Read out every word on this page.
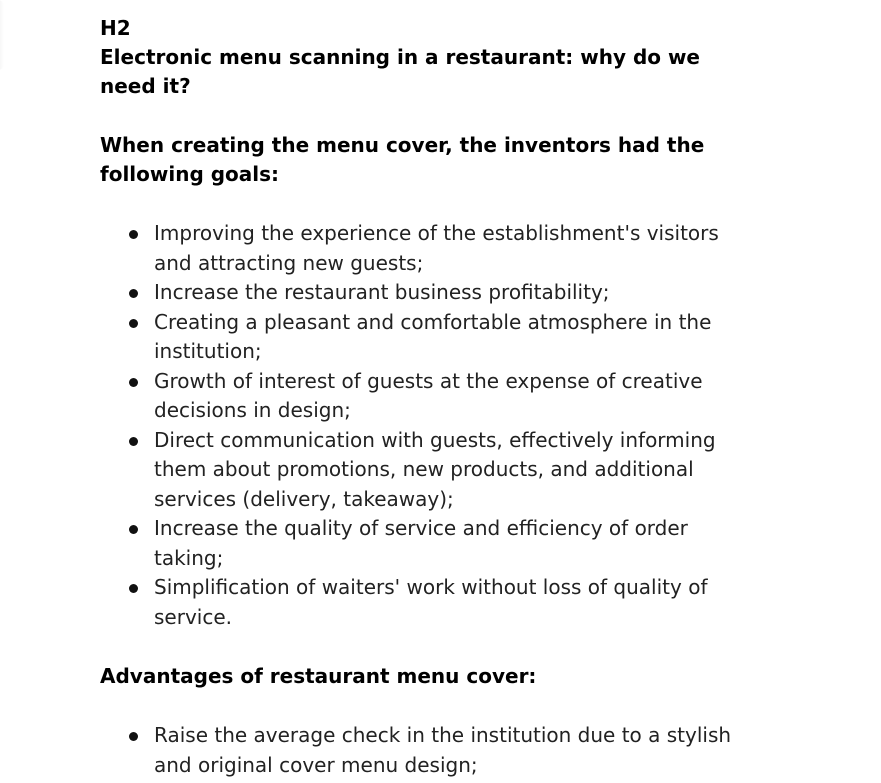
H2

Electronic menu scanning in a restaurant: why do we need it?

When creating the menu cover, the inventors had the following goals:

Improving the experience of the establishment's visitors and attracting new guests;
Increase the restaurant business profitability;
Creating a pleasant and comfortable atmosphere in the institution;
Growth of interest of guests at the expense of creative decisions in design;
Direct communication with guests, effectively informing them about promotions, new products, and additional services (delivery, takeaway);
Increase the quality of service and efficiency of order taking;
Simplification of waiters' work without loss of quality of service.

Advantages of restaurant menu cover:

Raise the average check in the institution due to a stylish and original cover menu design;
